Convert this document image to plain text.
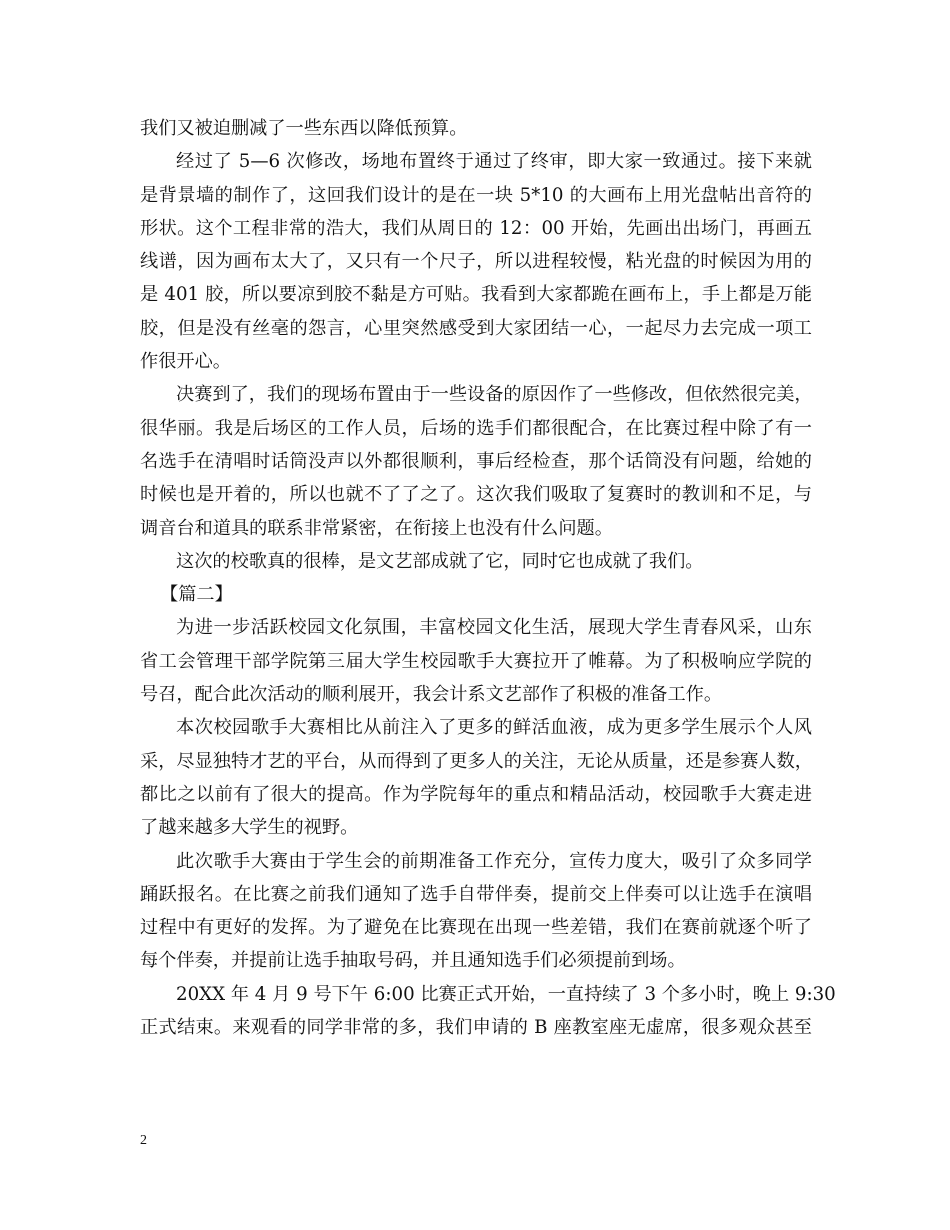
我们又被迫删减了一些东西以降低预算。
经过了 5—6 次修改，场地布置终于通过了终审，即大家一致通过。接下来就
是背景墙的制作了，这回我们设计的是在一块 5*10 的大画布上用光盘帖出音符的
形状。这个工程非常的浩大，我们从周日的 12：00 开始，先画出出场门，再画五
线谱，因为画布太大了，又只有一个尺子，所以进程较慢，粘光盘的时候因为用的
是 401 胶，所以要凉到胶不黏是方可贴。我看到大家都跪在画布上，手上都是万能
胶，但是没有丝毫的怨言，心里突然感受到大家团结一心，一起尽力去完成一项工
作很开心。
决赛到了，我们的现场布置由于一些设备的原因作了一些修改，但依然很完美，
很华丽。我是后场区的工作人员，后场的选手们都很配合，在比赛过程中除了有一
名选手在清唱时话筒没声以外都很顺利，事后经检查，那个话筒没有问题，给她的
时候也是开着的，所以也就不了了之了。这次我们吸取了复赛时的教训和不足，与
调音台和道具的联系非常紧密，在衔接上也没有什么问题。
这次的校歌真的很棒，是文艺部成就了它，同时它也成就了我们。
【篇二】
为进一步活跃校园文化氛围，丰富校园文化生活，展现大学生青春风采，山东
省工会管理干部学院第三届大学生校园歌手大赛拉开了帷幕。为了积极响应学院的
号召，配合此次活动的顺利展开，我会计系文艺部作了积极的准备工作。
本次校园歌手大赛相比从前注入了更多的鲜活血液，成为更多学生展示个人风
采，尽显独特才艺的平台，从而得到了更多人的关注，无论从质量，还是参赛人数，
都比之以前有了很大的提高。作为学院每年的重点和精品活动，校园歌手大赛走进
了越来越多大学生的视野。
此次歌手大赛由于学生会的前期准备工作充分，宣传力度大，吸引了众多同学
踊跃报名。在比赛之前我们通知了选手自带伴奏，提前交上伴奏可以让选手在演唱
过程中有更好的发挥。为了避免在比赛现在出现一些差错，我们在赛前就逐个听了
每个伴奏，并提前让选手抽取号码，并且通知选手们必须提前到场。
20XX 年 4 月 9 号下午 6:00 比赛正式开始，一直持续了 3 个多小时，晚上 9:30
正式结束。来观看的同学非常的多，我们申请的 B 座教室座无虚席，很多观众甚至
2
